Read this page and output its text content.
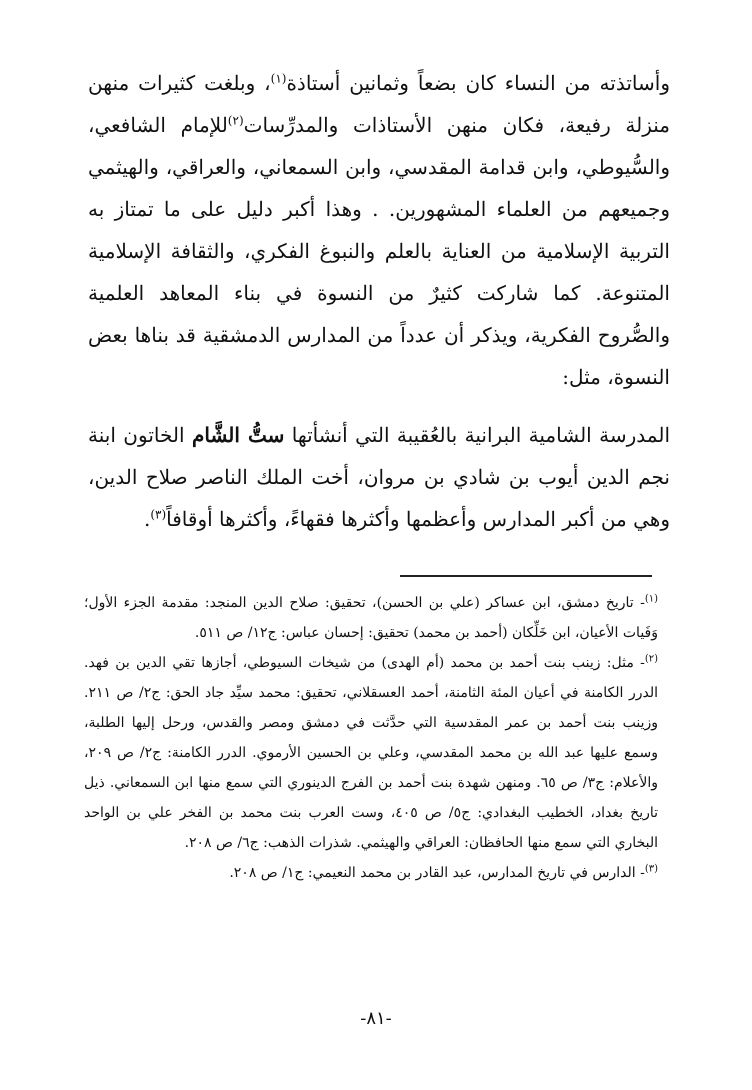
وأساتذته من النساء كان بضعاً وثمانين أستاذة$^{(١)}$، وبلغت كثيرات منهن منزلة رفيعة، فكان منهن الأستاذات والمدرِّسات$^{(٢)}$للإمام الشافعي، والسُّيوطي، وابن قدامة المقدسي، وابن السمعاني، والعراقي، والهيثمي وجميعهم من العلماء المشهورين. . وهذا أكبر دليل على ما تمتاز به التربية الإسلامية من العناية بالعلم والنبوغ الفكري، والثقافة الإسلامية المتنوعة. كما شاركت كثيرٌ من النسوة في بناء المعاهد العلمية والصُّروح الفكرية، ويذكر أن عدداً من المدارس الدمشقية قد بناها بعض النسوة، مثل:

المدرسة الشامية البرانية بالعُقيبة التي أنشأتها ستُّ الشَّام الخاتون ابنة نجم الدين أيوب بن شادي بن مروان، أخت الملك الناصر صلاح الدين، وهي من أكبر المدارس وأعظمها وأكثرها فقهاءً، وأكثرها أوقافاً$^{(٣)}$.

$^{(١)}$- تاريخ دمشق، ابن عساكر (علي بن الحسن)، تحقيق: صلاح الدين المنجد: مقدمة الجزء الأول؛ وَفَيات الأعيان، ابن خَلِّكان (أحمد بن محمد) تحقيق: إحسان عباس: ج١٢/ ص ٥١١.

$^{(٢)}$- مثل: زينب بنت أحمد بن محمد (أم الهدى) من شيخات السيوطي، أجازها تقي الدين بن فهد. الدرر الكامنة في أعيان المئة الثامنة، أحمد العسقلاني، تحقيق: محمد سيِّد جاد الحق: ج٢/ ص ٢١١. وزينب بنت أحمد بن عمر المقدسية التي حدَّثت في دمشق ومصر والقدس، ورحل إليها الطلبة، وسمع عليها عبد الله بن محمد المقدسي، وعلي بن الحسين الأرموي. الدرر الكامنة: ج٢/ ص ٢٠٩، والأعلام: ج٣/ ص ٦٥. ومنهن شهدة بنت أحمد بن الفرج الدينوري التي سمع منها ابن السمعاني. ذيل تاريخ بغداد، الخطيب البغدادي: ج٥/ ص ٤٠٥، وست العرب بنت محمد بن الفخر علي بن الواحد البخاري التي سمع منها الحافظان: العراقي والهيثمي. شذرات الذهب: ج٦/ ص ٢٠٨.

$^{(٣)}$- الدارس في تاريخ المدارس، عبد القادر بن محمد النعيمي: ج١/ ص ٢٠٨.

-٨١-
